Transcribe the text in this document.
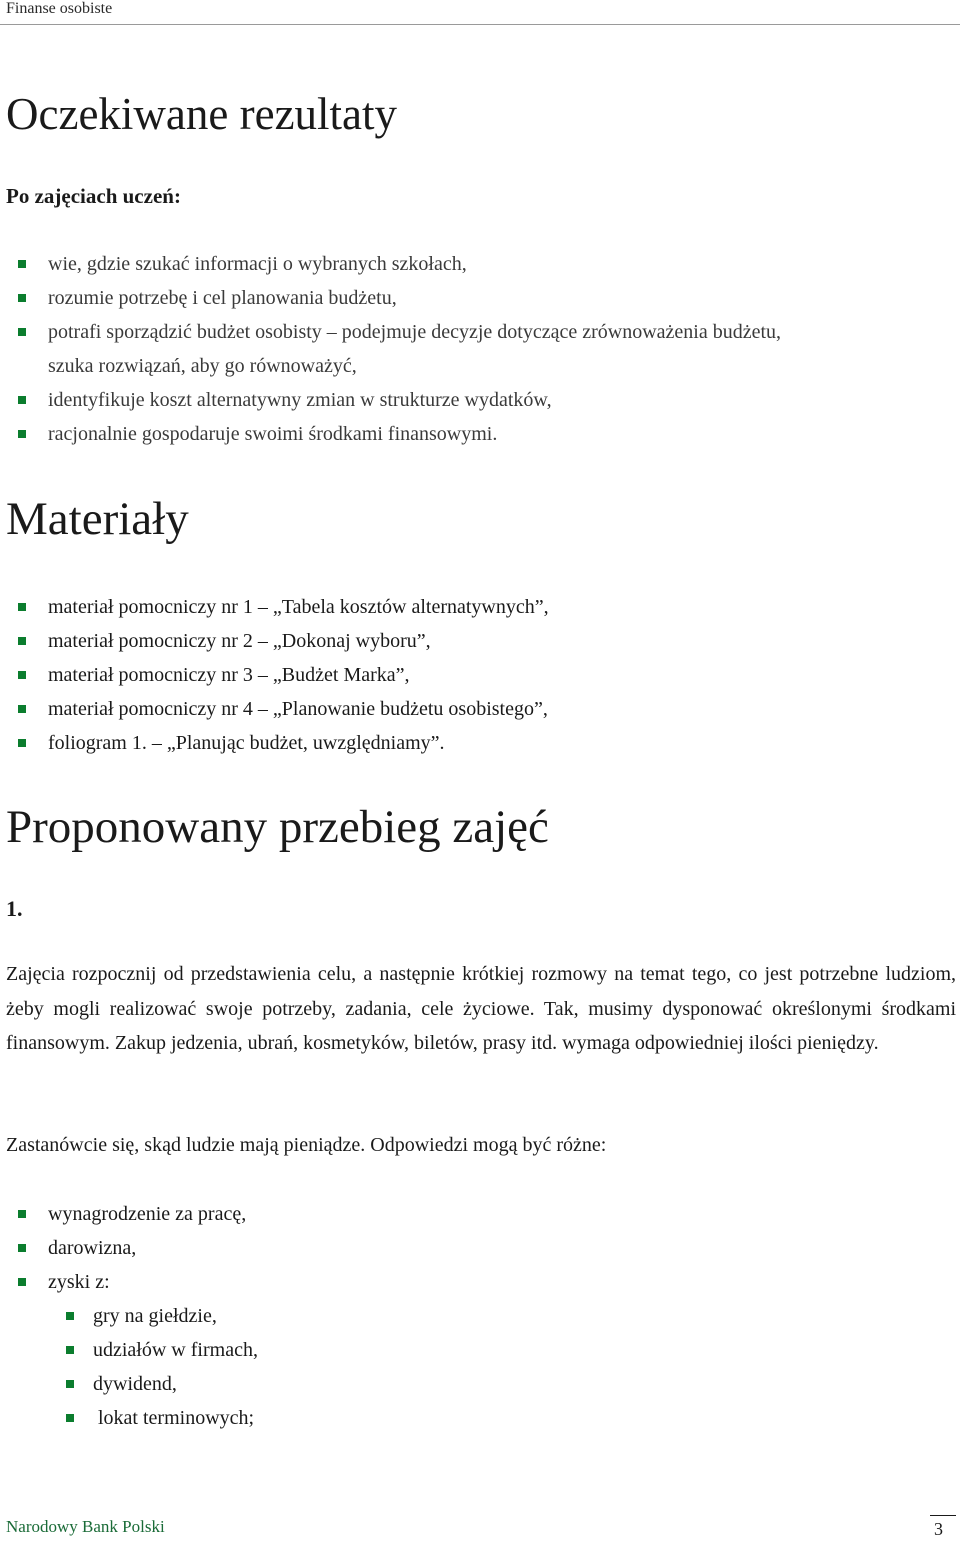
Finanse osobiste
Oczekiwane rezultaty

Po zajęciach uczeń:

wie, gdzie szukać informacji o wybranych szkołach,
rozumie potrzebę i cel planowania budżetu,
potrafi sporządzić budżet osobisty – podejmuje decyzje dotyczące zrównoważenia budżetu,
szuka rozwiązań, aby go równoważyć,
identyfikuje koszt alternatywny zmian w strukturze wydatków,
racjonalnie gospodaruje swoimi środkami finansowymi.
Materiały
materiał pomocniczy nr 1 – „Tabela kosztów alternatywnych”,
materiał pomocniczy nr 2 – „Dokonaj wyboru”,
materiał pomocniczy nr 3 – „Budżet Marka”,
materiał pomocniczy nr 4 – „Planowanie budżetu osobistego”,
foliogram 1. – „Planując budżet, uwzględniamy”.
Proponowany przebieg zajęć

1.

Zajęcia rozpocznij od przedstawienia celu, a następnie krótkiej rozmowy na temat tego, co jest potrzebne ludziom, żeby mogli realizować swoje potrzeby, zadania, cele życiowe. Tak, musimy dysponować określonymi środkami finansowym. Zakup jedzenia, ubrań, kosmetyków, biletów, prasy itd. wymaga odpowiedniej ilości pieniędzy.

Zastanówcie się, skąd ludzie mają pieniądze. Odpowiedzi mogą być różne:

wynagrodzenie za pracę,
darowizna,
zyski z:
gry na giełdzie,
udziałów w firmach,
dywidend,
lokat terminowych;
Narodowy Bank Polski	3
